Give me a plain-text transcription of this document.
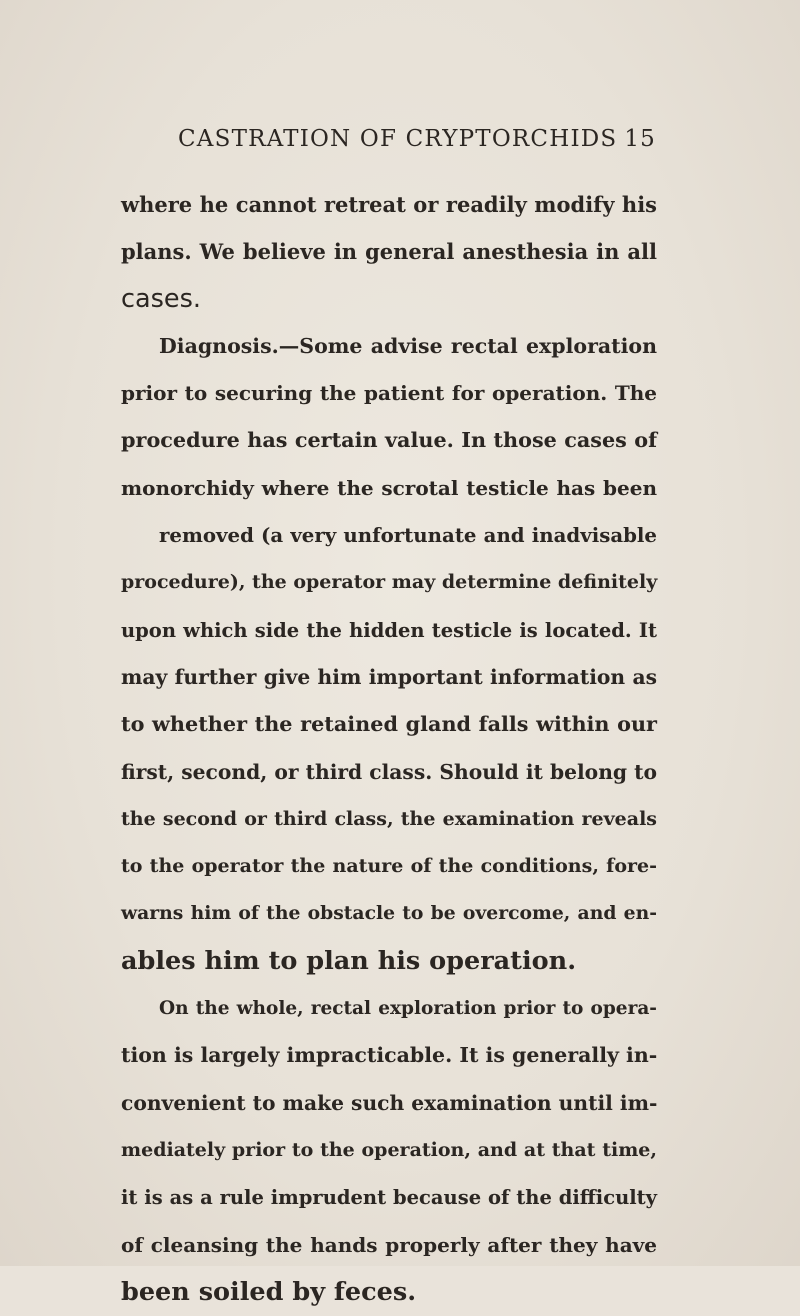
CASTRATION OF CRYPTORCHIDS 15
where he cannot retreat or readily modify his
plans. We believe in general anesthesia in all
cases.
Diagnosis.—Some advise rectal exploration
prior to securing the patient for operation. The
procedure has certain value. In those cases of
monorchidy where the scrotal testicle has been
removed (a very unfortunate and inadvisable
procedure), the operator may determine definitely
upon which side the hidden testicle is located. It
may further give him important information as
to whether the retained gland falls within our
first, second, or third class. Should it belong to
the second or third class, the examination reveals
to the operator the nature of the conditions, fore-
warns him of the obstacle to be overcome, and en-
ables him to plan his operation.
On the whole, rectal exploration prior to opera-
tion is largely impracticable. It is generally in-
convenient to make such examination until im-
mediately prior to the operation, and at that time,
it is as a rule imprudent because of the difficulty
of cleansing the hands properly after they have
been soiled by feces.
